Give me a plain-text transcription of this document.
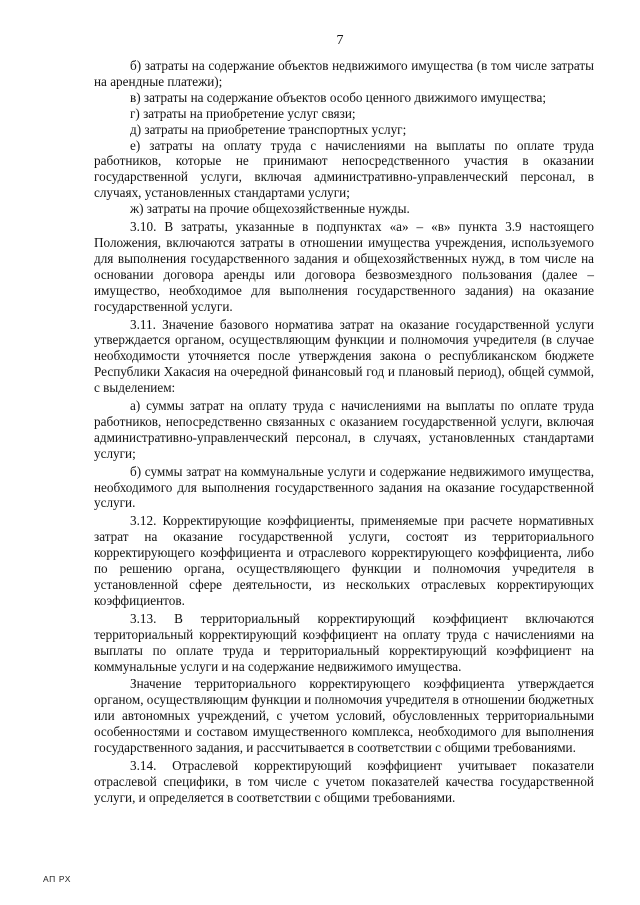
7

б) затраты на содержание объектов недвижимого имущества (в том числе затраты на арендные платежи);

в) затраты на содержание объектов особо ценного движимого имущества;

г) затраты на приобретение услуг связи;

д) затраты на приобретение транспортных услуг;

е) затраты на оплату труда с начислениями на выплаты по оплате труда работников, которые не принимают непосредственного участия в оказании государственной услуги, включая административно-управленческий персонал, в случаях, установленных стандартами услуги;

ж) затраты на прочие общехозяйственные нужды.

3.10. В затраты, указанные в подпунктах «а» – «в» пункта 3.9 настоящего Положения, включаются затраты в отношении имущества учреждения, используемого для выполнения государственного задания и общехозяйственных нужд, в том числе на основании договора аренды или договора безвозмездного пользования (далее – имущество, необходимое для выполнения государственного задания) на оказание государственной услуги.

3.11. Значение базового норматива затрат на оказание государственной услуги утверждается органом, осуществляющим функции и полномочия учредителя (в случае необходимости уточняется после утверждения закона о республиканском бюджете Республики Хакасия на очередной финансовый год и плановый период), общей суммой, с выделением:

а) суммы затрат на оплату труда с начислениями на выплаты по оплате труда работников, непосредственно связанных с оказанием государственной услуги, включая административно-управленческий персонал, в случаях, установленных стандартами услуги;

б) суммы затрат на коммунальные услуги и содержание недвижимого имущества, необходимого для выполнения государственного задания на оказание государственной услуги.

3.12. Корректирующие коэффициенты, применяемые при расчете нормативных затрат на оказание государственной услуги, состоят из территориального корректирующего коэффициента и отраслевого корректирующего коэффициента, либо по решению органа, осуществляющего функции и полномочия учредителя в установленной сфере деятельности, из нескольких отраслевых корректирующих коэффициентов.

3.13. В территориальный корректирующий коэффициент включаются территориальный корректирующий коэффициент на оплату труда с начислениями на выплаты по оплате труда и территориальный корректирующий коэффициент на коммунальные услуги и на содержание недвижимого имущества.

Значение территориального корректирующего коэффициента утверждается органом, осуществляющим функции и полномочия учредителя в отношении бюджетных или автономных учреждений, с учетом условий, обусловленных территориальными особенностями и составом имущественного комплекса, необходимого для выполнения государственного задания, и рассчитывается в соответствии с общими требованиями.

3.14. Отраслевой корректирующий коэффициент учитывает показатели отраслевой специфики, в том числе с учетом показателей качества государственной услуги, и определяется в соответствии с общими требованиями.

АП РХ
